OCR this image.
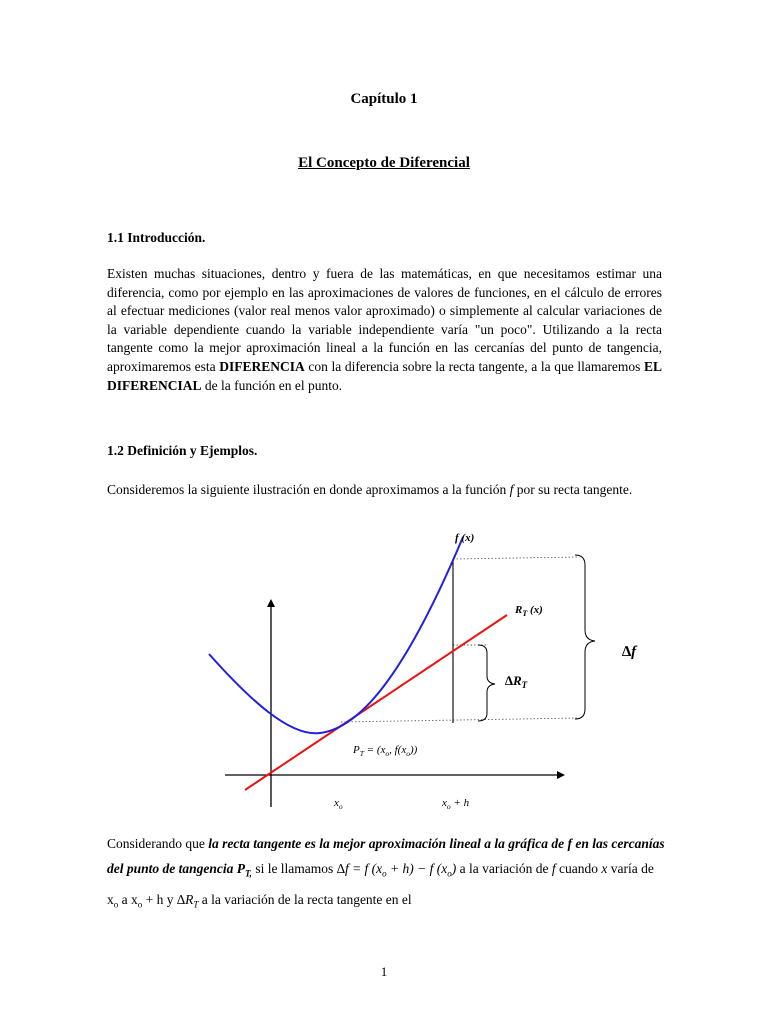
Capítulo 1
El Concepto de Diferencial
1.1 Introducción.

Existen muchas situaciones, dentro y fuera de las matemáticas, en que necesitamos estimar una diferencia, como por ejemplo en las aproximaciones de valores de funciones, en el cálculo de errores al efectuar mediciones (valor real menos valor aproximado) o simplemente al calcular variaciones de la variable dependiente cuando la variable independiente varía "un poco". Utilizando a la recta tangente como la mejor aproximación lineal a la función en las cercanías del punto de tangencia, aproximaremos esta DIFERENCIA con la diferencia sobre la recta tangente, a la que llamaremos EL DIFERENCIAL de la función en el punto.

1.2 Definición y Ejemplos.

Consideremos la siguiente ilustración en donde aproximamos a la función f por su recta tangente.

f (x)
$R_T$ (x)
∆f
$\Delta R_T$
$P_T = (x_o$, $f(x_o)$)
$x_o$	$x_o + h$

Considerando que la recta tangente es la mejor aproximación lineal a la gráfica de f en las cercanías del punto de tangencia $P_{T,}$ si le llamamos ∆f = f $(x_o + h) - f$ $(x_o)$ a la variación de f cuando x varía de $x_o$ a $x_o + h$ y $\Delta R_T$ a la variación de la recta tangente en el

1
